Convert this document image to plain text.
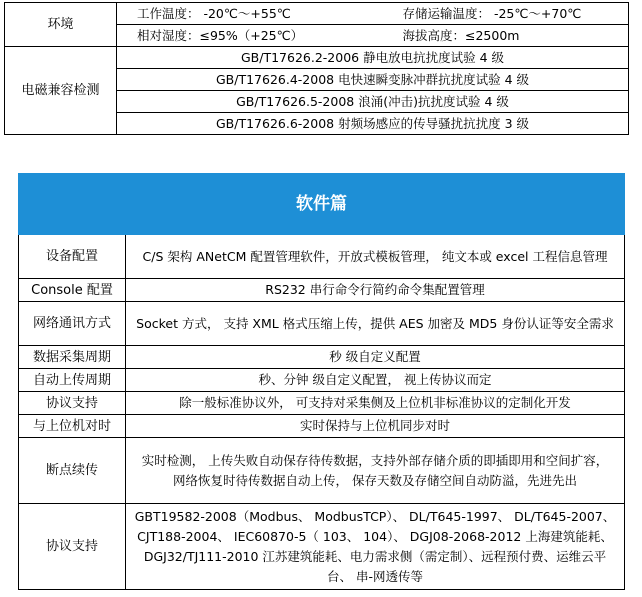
环境	工作温度： -20℃～+55℃ 存储运输温度： -25℃～+70℃

	相对湿度：≤95%（+25℃） 海拔高度：≤2500m

电磁兼容检测	GB/T17626.2-2006 静电放电抗扰度试验 4 级
	GB/T17626.4-2008 电快速瞬变脉冲群抗扰度试验 4 级
	GB/T17626.5-2008 浪涌(冲击)抗扰度试验 4 级
	GB/T17626.6-2008 射频场感应的传导骚扰抗扰度 3 级
软件篇	
设备配置	C/S 架构 ANetCM 配置管理软件，开放式模板管理， 纯文本或 excel 工程信息管理
Console 配置	RS232 串行命令行简约命令集配置管理
网络通讯方式	Socket 方式， 支持 XML 格式压缩上传，提供 AES 加密及 MD5 身份认证等安全需求
数据采集周期	秒 级自定义配置
自动上传周期	秒、分钟 级自定义配置， 视上传协议而定
协议支持	除一般标准协议外， 可支持对采集侧及上位机非标准协议的定制化开发
与上位机对时	实时保持与上位机同步对时
断点续传	实时检测， 上传失败自动保存待传数据，支持外部存储介质的即插即用和空间扩容，
网络恢复时待传数据自动上传， 保存天数及存储空间自动防溢，先进先出

协议支持	GBT19582-2008（Modbus、 ModbusTCP）、 DL/T645-1997、 DL/T645-2007、CJT188-2004、 IEC60870-5（ 103、 104）、 DGJ08-2068-2012 上海建筑能耗、DGJ32/TJ111-2010 江苏建筑能耗、电力需求侧（需定制）、远程预付费、运维云平台、 串-网透传等
